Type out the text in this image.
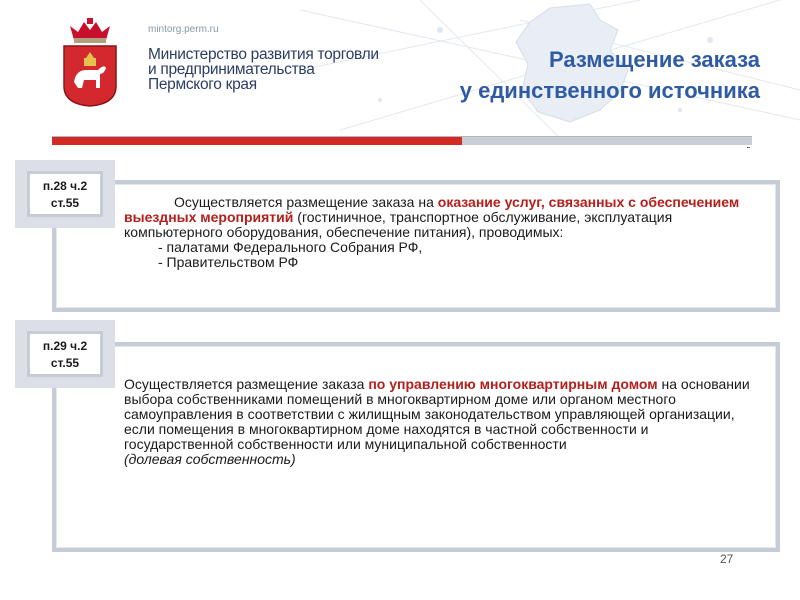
mintorg.perm.ru
Министерство развития торговли
и предпринимательства
Пермского края
Размещение заказа
у единственного источника
п.28 ч.2
ст.55
п.29 ч.2
ст.55
Осуществляется размещение заказа на оказание услуг, связанных с обеспечением выездных мероприятий (гостиничное, транспортное обслуживание, эксплуатация компьютерного оборудования, обеспечение питания), проводимых:
- палатами Федерального Собрания РФ,
- Правительством РФ
Осуществляется размещение заказа по управлению многоквартирным домом на основании выбора собственниками помещений в многоквартирном доме или органом местного самоуправления в соответствии с жилищным законодательством управляющей организации, если помещения в многоквартирном доме находятся в частной собственности и государственной собственности или муниципальной собственности
(долевая собственность)
27
